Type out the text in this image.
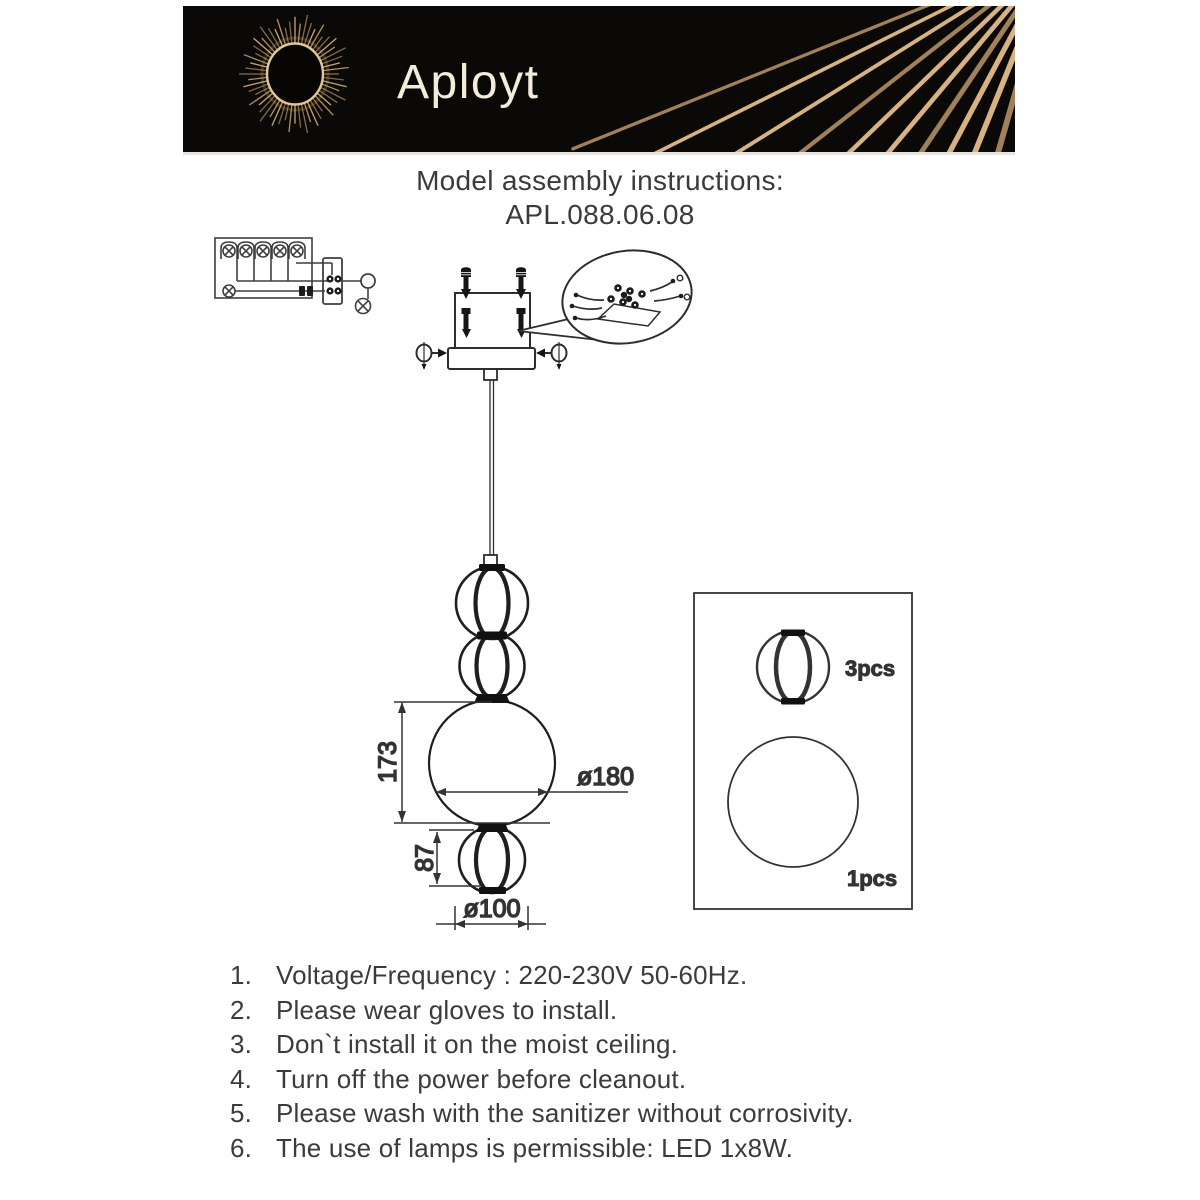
Aployt
Model assembly instructions:
APL.088.06.08
173
87
ø180
ø100
3pcs
1pcs
1. Voltage/Frequency : 220-230V 50-60Hz.
2. Please wear gloves to install.
3. Don`t install it on the moist ceiling.
4. Turn off the power before cleanout.
5. Please wash with the sanitizer without corrosivity.
6. The use of lamps is permissible: LED 1x8W.
